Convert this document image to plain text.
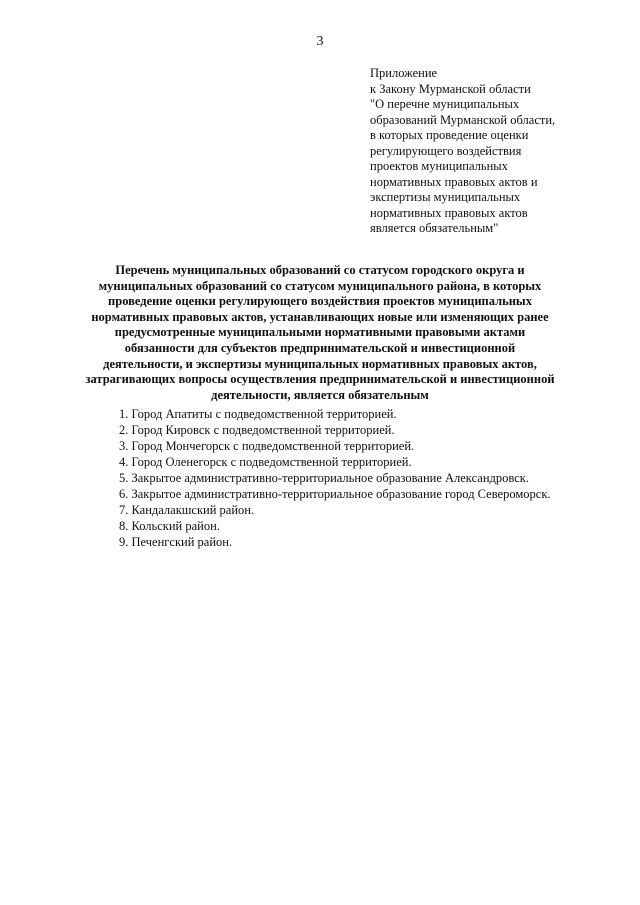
3
Приложение
к Закону Мурманской области
"О перечне муниципальных
образований Мурманской области,
в которых проведение оценки
регулирующего воздействия
проектов муниципальных
нормативных правовых актов и
экспертизы муниципальных
нормативных правовых актов
является обязательным"
Перечень муниципальных образований со статусом городского округа и
муниципальных образований со статусом муниципального района, в которых
проведение оценки регулирующего воздействия проектов муниципальных
нормативных правовых актов, устанавливающих новые или изменяющих ранее
предусмотренные муниципальными нормативными правовыми актами
обязанности для субъектов предпринимательской и инвестиционной
деятельности, и экспертизы муниципальных нормативных правовых актов,
затрагивающих вопросы осуществления предпринимательской и инвестиционной
деятельности, является обязательным
1. Город Апатиты с подведомственной территорией.
2. Город Кировск с подведомственной территорией.
3. Город Мончегорск с подведомственной территорией.
4. Город Оленегорск с подведомственной территорией.
5. Закрытое административно-территориальное образование Александровск.
6. Закрытое административно-территориальное образование город Североморск.
7. Кандалакшский район.
8. Кольский район.
9. Печенгский район.
